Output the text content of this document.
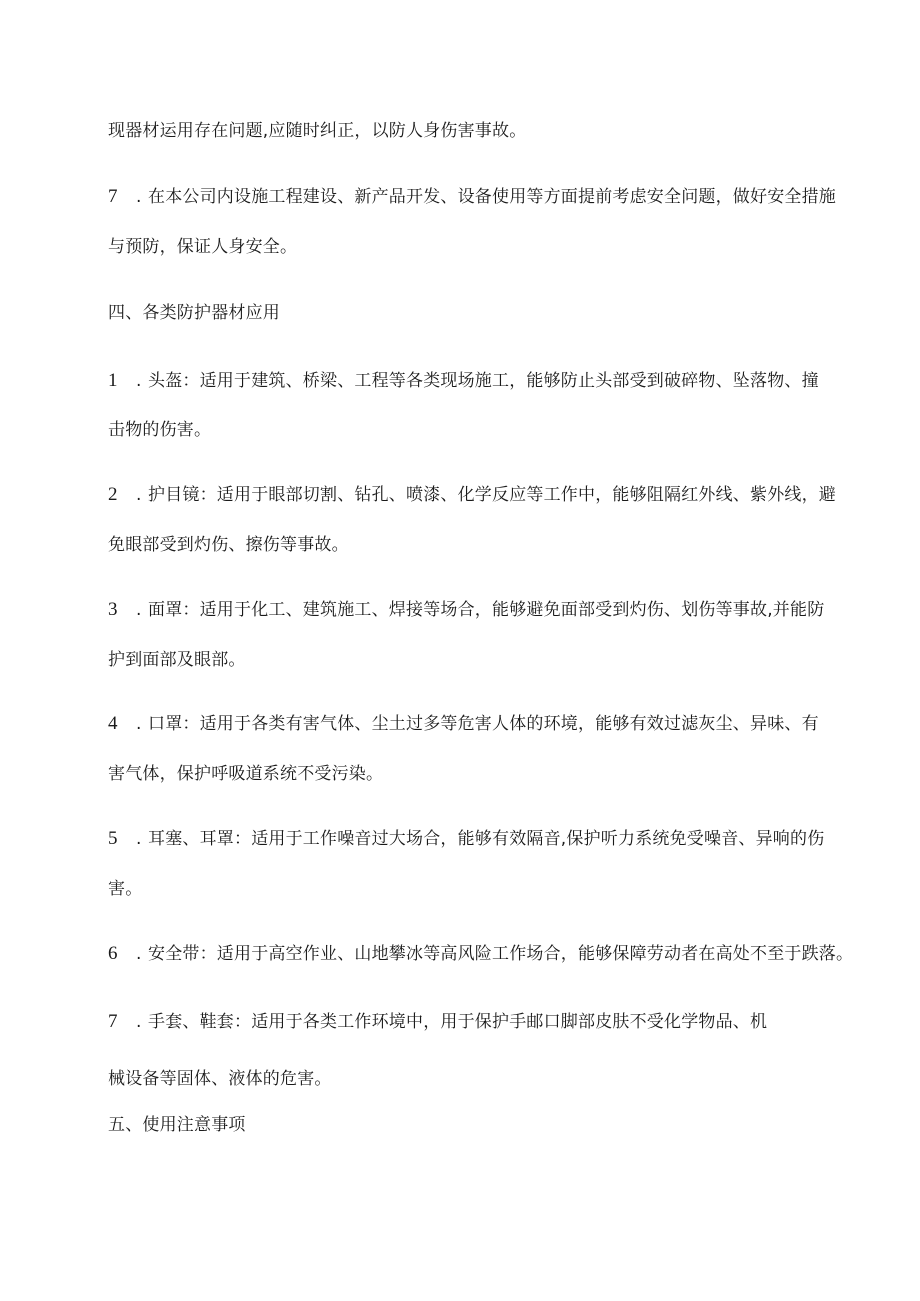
现器材运用存在问题,应随时纠正，以防人身伤害事故。
7 . 在本公司内设施工程建设、新产品开发、设备使用等方面提前考虑安全问题，做好安全措施
与预防，保证人身安全。
四、各类防护器材应用
1 . 头盔：适用于建筑、桥梁、工程等各类现场施工，能够防止头部受到破碎物、坠落物、撞
击物的伤害。
2 . 护目镜：适用于眼部切割、钻孔、喷漆、化学反应等工作中，能够阻隔红外线、紫外线，避
免眼部受到灼伤、擦伤等事故。
3 . 面罩：适用于化工、建筑施工、焊接等场合，能够避免面部受到灼伤、划伤等事故,并能防
护到面部及眼部。
4 . 口罩：适用于各类有害气体、尘土过多等危害人体的环境，能够有效过滤灰尘、异味、有
害气体，保护呼吸道系统不受污染。
5 . 耳塞、耳罩：适用于工作噪音过大场合，能够有效隔音,保护听力系统免受噪音、异响的伤
害。
6 . 安全带：适用于高空作业、山地攀冰等高风险工作场合，能够保障劳动者在高处不至于跌落。
7 . 手套、鞋套：适用于各类工作环境中，用于保护手邮口脚部皮肤不受化学物品、机
械设备等固体、液体的危害。
五、使用注意事项
